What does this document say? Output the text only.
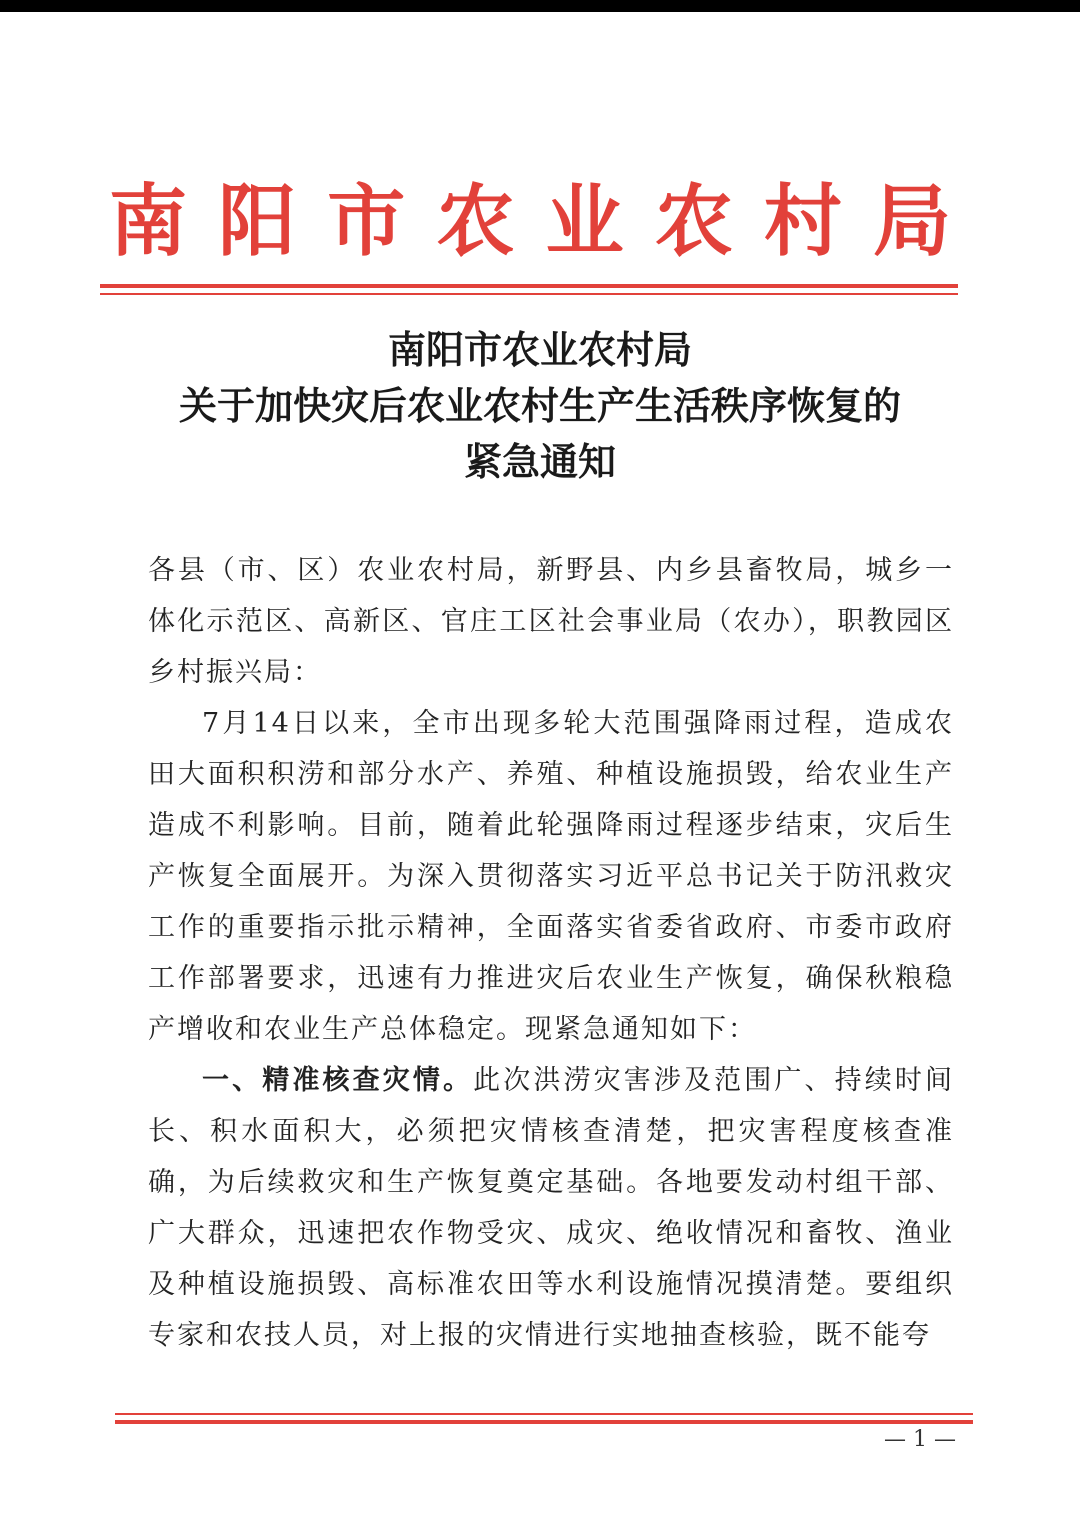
南 阳 市 农 业 农 村 局
南阳市农业农村局
关于加快灾后农业农村生产生活秩序恢复的
紧急通知

各县（市、区）农业农村局，新野县、内乡县畜牧局，城乡一体化示范区、高新区、官庄工区社会事业局（农办），职教园区乡村振兴局：

7月14日以来，全市出现多轮大范围强降雨过程，造成农田大面积积涝和部分水产、养殖、种植设施损毁，给农业生产造成不利影响。目前，随着此轮强降雨过程逐步结束，灾后生产恢复全面展开。为深入贯彻落实习近平总书记关于防汛救灾工作的重要指示批示精神，全面落实省委省政府、市委市政府工作部署要求，迅速有力推进灾后农业生产恢复，确保秋粮稳产增收和农业生产总体稳定。现紧急通知如下：

一、精准核查灾情。此次洪涝灾害涉及范围广、持续时间长、积水面积大，必须把灾情核查清楚，把灾害程度核查准确，为后续救灾和生产恢复奠定基础。各地要发动村组干部、广大群众，迅速把农作物受灾、成灾、绝收情况和畜牧、渔业及种植设施损毁、高标准农田等水利设施情况摸清楚。要组织专家和农技人员，对上报的灾情进行实地抽查核验，既不能夸

— 1 —
